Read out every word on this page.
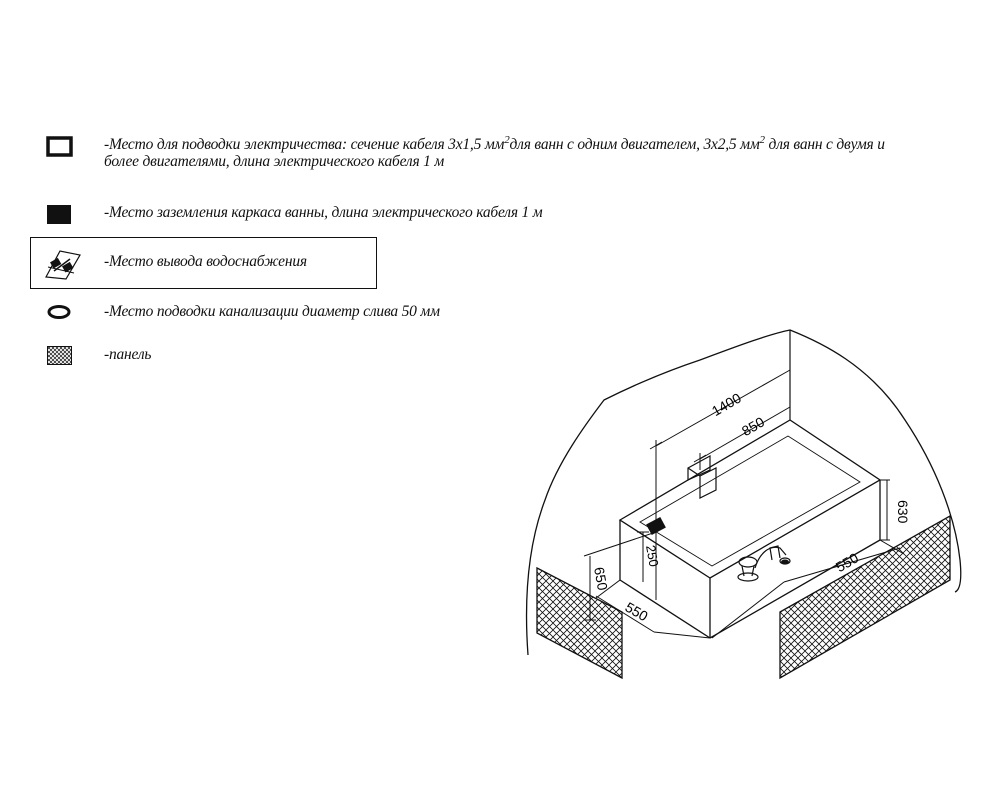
-Место для подводки электричества: сечение кабеля 3х1,5 $мм^2для$ ванн с одним двигателем, 3х2,5 $мм^2$ для ванн с двумя и
более двигателями, длина электрического кабеля 1 м
-Место заземления каркаса ванны, длина электрического кабеля 1 м
-Место вывода водоснабжения
-Место подводки канализации диаметр слива 50 мм
-панель
1400
850
630
550
550
250
650
